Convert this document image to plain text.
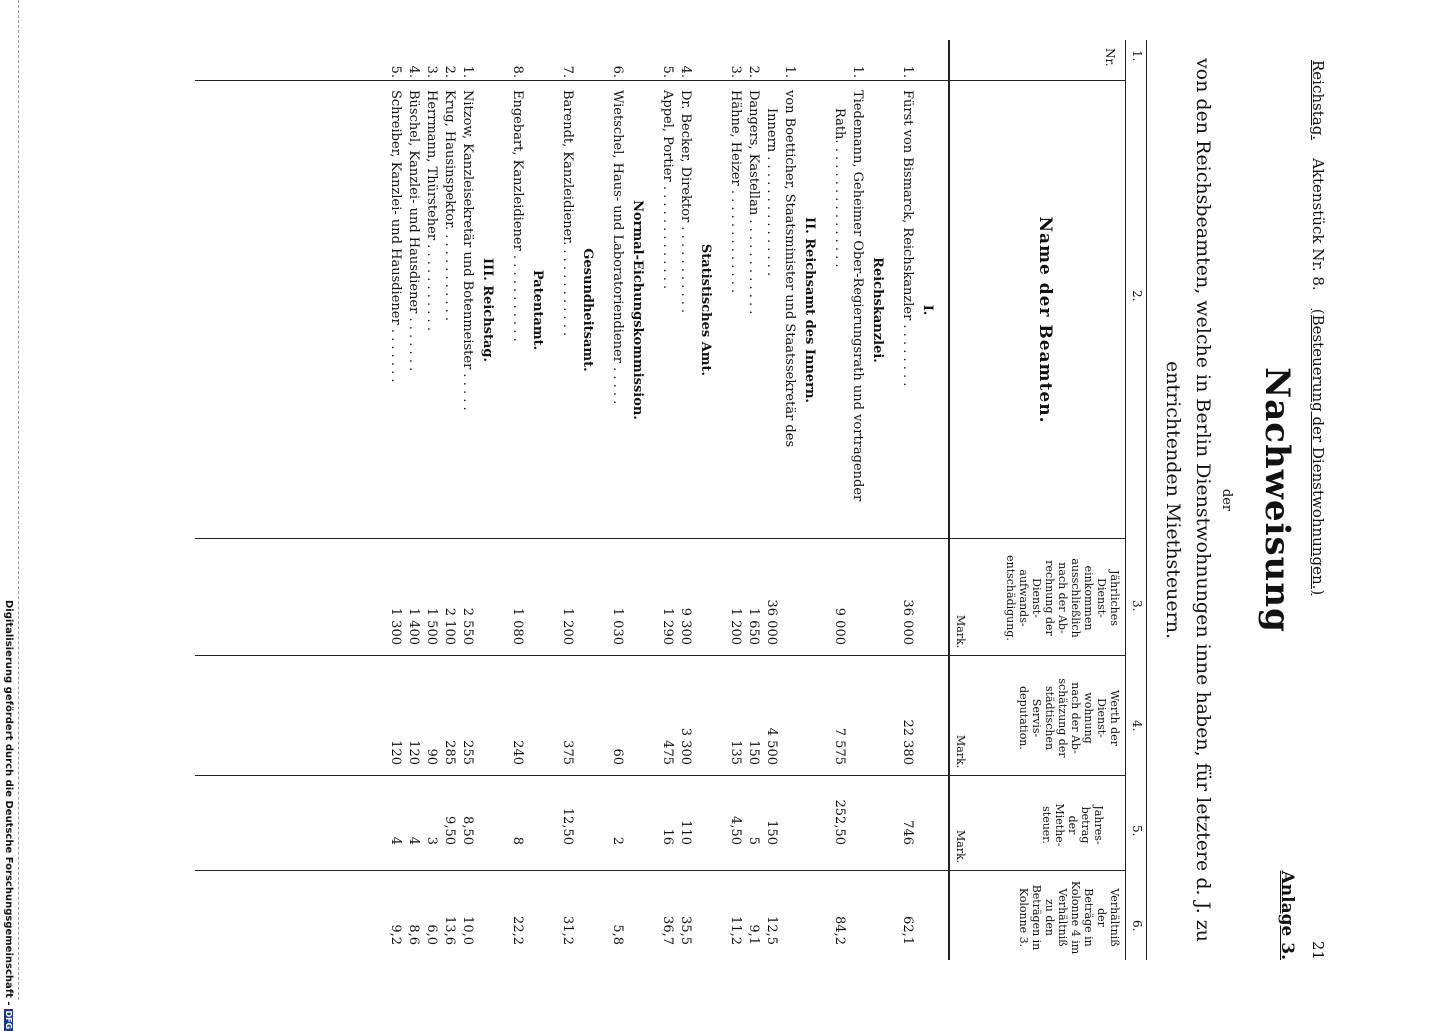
Digitalisierung gefördert durch die Deutsche Forschungsgemeinschaft -DFG
Reichstag.
Aktenstück Nr. 8.
(Besteuerung der Dienstwohnungen.)
21
Anlage 3.
Nachweisung
der
von den Reichsbeamten, welche in Berlin Dienstwohnungen inne haben, für letztere d. J. zu
entrichtenden Miethsteuern.
1.
2.
3.
4.
5.
6.
Nr.
Name der Beamten.
Jährliches
Dienst-
einkommen
ausschließlich
nach der Ab-
rechnung der
Dienst-
aufwands-
entschädigung.
Werth der
Dienst-
wohnung
nach der Ab-
schätzung der
städtischen
Servis-
deputation.
Jahres-
betrag
der
Miethe-
steuer.
Verhältniß
der
Beträge in
Kolonne 4 im
Verhältniß
zu den
Beträgen in
Kolonne 3.
Mark.
Mark.
Mark.
I.
1.
Fürst von Bismarck, Reichskanzler . . . . . . . .
36 000
22 380
746
62,1
Reichskanzlei.
1.
Tiedemann, Geheimer Ober-Regierungsrath und vortragender
Rath. . . . . . . . . . . . . . . .
9 000
7 575
252,50
84,2
II. Reichsamt des Innern.
1.
von Boetticher, Staatsminister und Staatssekretär des
Innern . . . . . . . . . . . . . . .
36 000
4 500
150
12,5
2.
Dangers, Kastellan . . . . . . . . . . . .
1 650
150
5
9,1
3.
Hähne, Heizer . . . . . . . . . . . . .
1 200
135
4,50
11,2
Statistisches Amt.
4.
Dr. Becker, Direktor . . . . . . . . . . .
9 300
3 300
110
35,5
5.
Appel, Portier . . . . . . . . . . . . .
1 290
475
16
36,7
Normal-Eichungskommission.
6.
Wietschel, Haus- und Laboratoriendiener . . . . .
1 030
60
2
5,8
Gesundheitsamt.
7.
Barendt, Kanzleidiener. . . . . . . . . . . .
1 200
375
12,50
31,2
Patentamt.
8.
Engebart, Kanzleidiener . . . . . . . . . . .
1 080
240
8
22,2
III. Reichstag.
1.
Nitzow, Kanzleisekretär und Botenmeister . . . . .
2 550
255
8,50
10,0
2.
Krug, Hausinspektor. . . . . . . . . . . .
2 100
285
9,50
13,6
3.
Herrmann, Thürsteher . . . . . . . . . . .
1 500
90
3
6,0
4.
Büschel, Kanzlei- und Hausdiener . . . . . . .
1 400
120
4
8,6
5.
Schreiber, Kanzlei- und Hausdiener . . . . . . .
1 300
120
4
9,2
